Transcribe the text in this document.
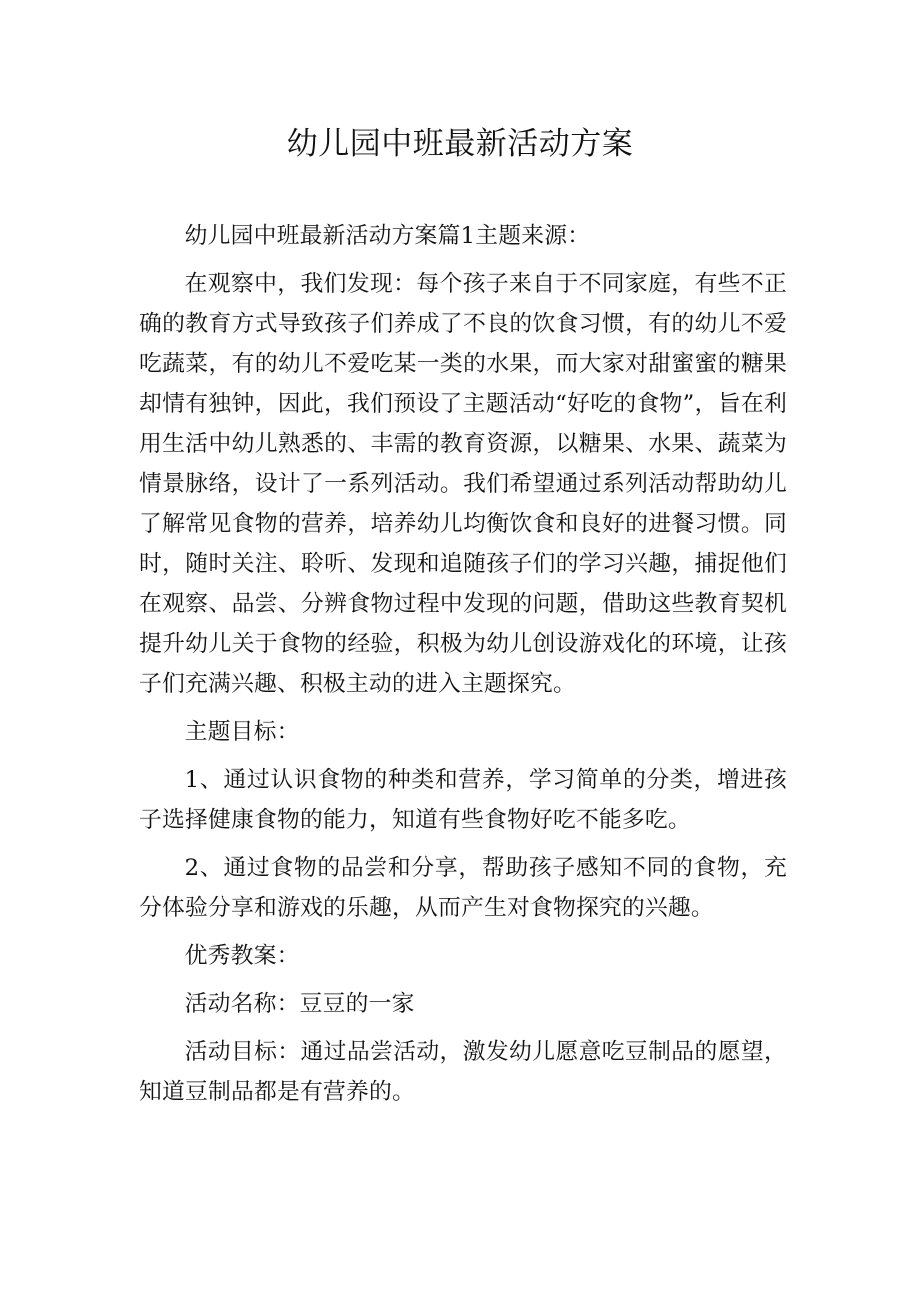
幼儿园中班最新活动方案

幼儿园中班最新活动方案篇1主题来源：

在观察中，我们发现：每个孩子来自于不同家庭，有些不正确的教育方式导致孩子们养成了不良的饮食习惯，有的幼儿不爱吃蔬菜，有的幼儿不爱吃某一类的水果，而大家对甜蜜蜜的糖果却情有独钟，因此，我们预设了主题活动“好吃的食物”，旨在利用生活中幼儿熟悉的、丰需的教育资源，以糖果、水果、蔬菜为情景脉络，设计了一系列活动。我们希望通过系列活动帮助幼儿了解常见食物的营养，培养幼儿均衡饮食和良好的进餐习惯。同时，随时关注、聆听、发现和追随孩子们的学习兴趣，捕捉他们在观察、品尝、分辨食物过程中发现的问题，借助这些教育契机提升幼儿关于食物的经验，积极为幼儿创设游戏化的环境，让孩子们充满兴趣、积极主动的进入主题探究。

主题目标：

1、通过认识食物的种类和营养，学习简单的分类，增进孩子选择健康食物的能力，知道有些食物好吃不能多吃。

2、通过食物的品尝和分享，帮助孩子感知不同的食物，充分体验分享和游戏的乐趣，从而产生对食物探究的兴趣。

优秀教案：

活动名称：豆豆的一家

活动目标：通过品尝活动，激发幼儿愿意吃豆制品的愿望，知道豆制品都是有营养的。
